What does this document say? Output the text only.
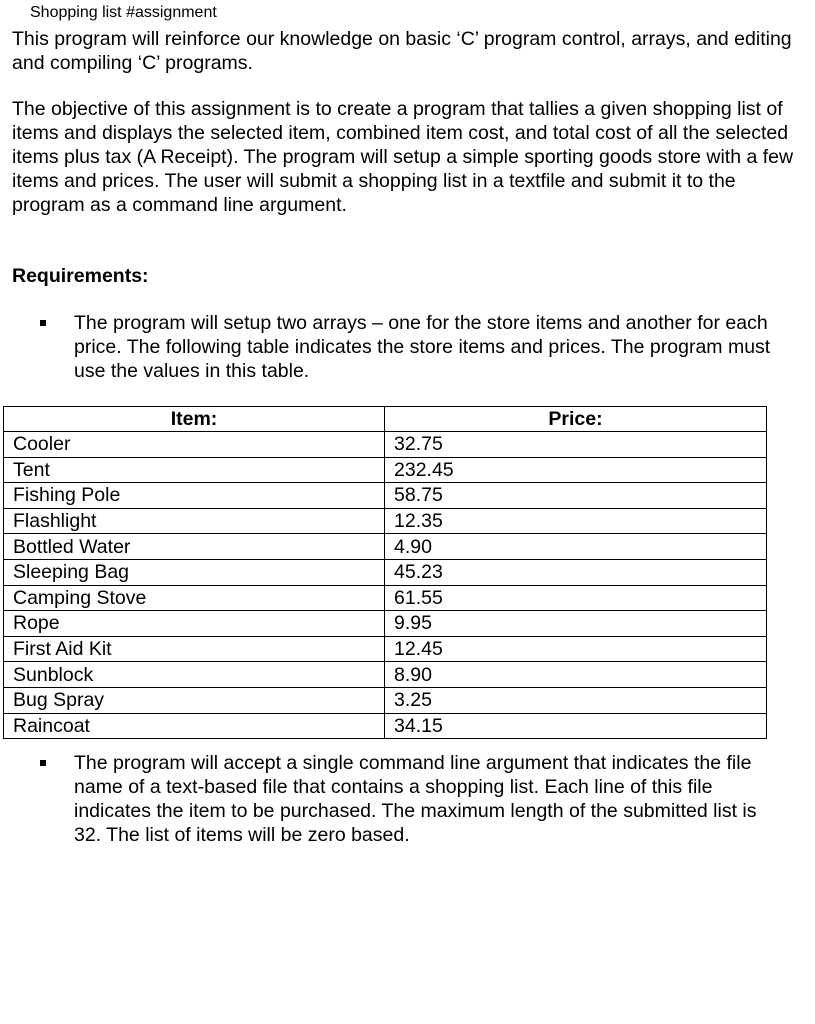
Shopping list #assignment

This program will reinforce our knowledge on basic ‘C’ program control, arrays, and editing and compiling ‘C’ programs.

The objective of this assignment is to create a program that tallies a given shopping list of items and displays the selected item, combined item cost, and total cost of all the selected items plus tax (A Receipt). The program will setup a simple sporting goods store with a few items and prices. The user will submit a shopping list in a textfile and submit it to the program as a command line argument.

Requirements:
The program will setup two arrays – one for the store items and another for each price. The following table indicates the store items and prices. The program must use the values in this table.
Item:	Price:
Cooler	32.75
Tent	232.45
Fishing Pole	58.75
Flashlight	12.35
Bottled Water	4.90
Sleeping Bag	45.23
Camping Stove	61.55
Rope	9.95
First Aid Kit	12.45
Sunblock	8.90
Bug Spray	3.25
Raincoat	34.15
The program will accept a single command line argument that indicates the file name of a text-based file that contains a shopping list. Each line of this file indicates the item to be purchased. The maximum length of the submitted list is 32. The list of items will be zero based.
